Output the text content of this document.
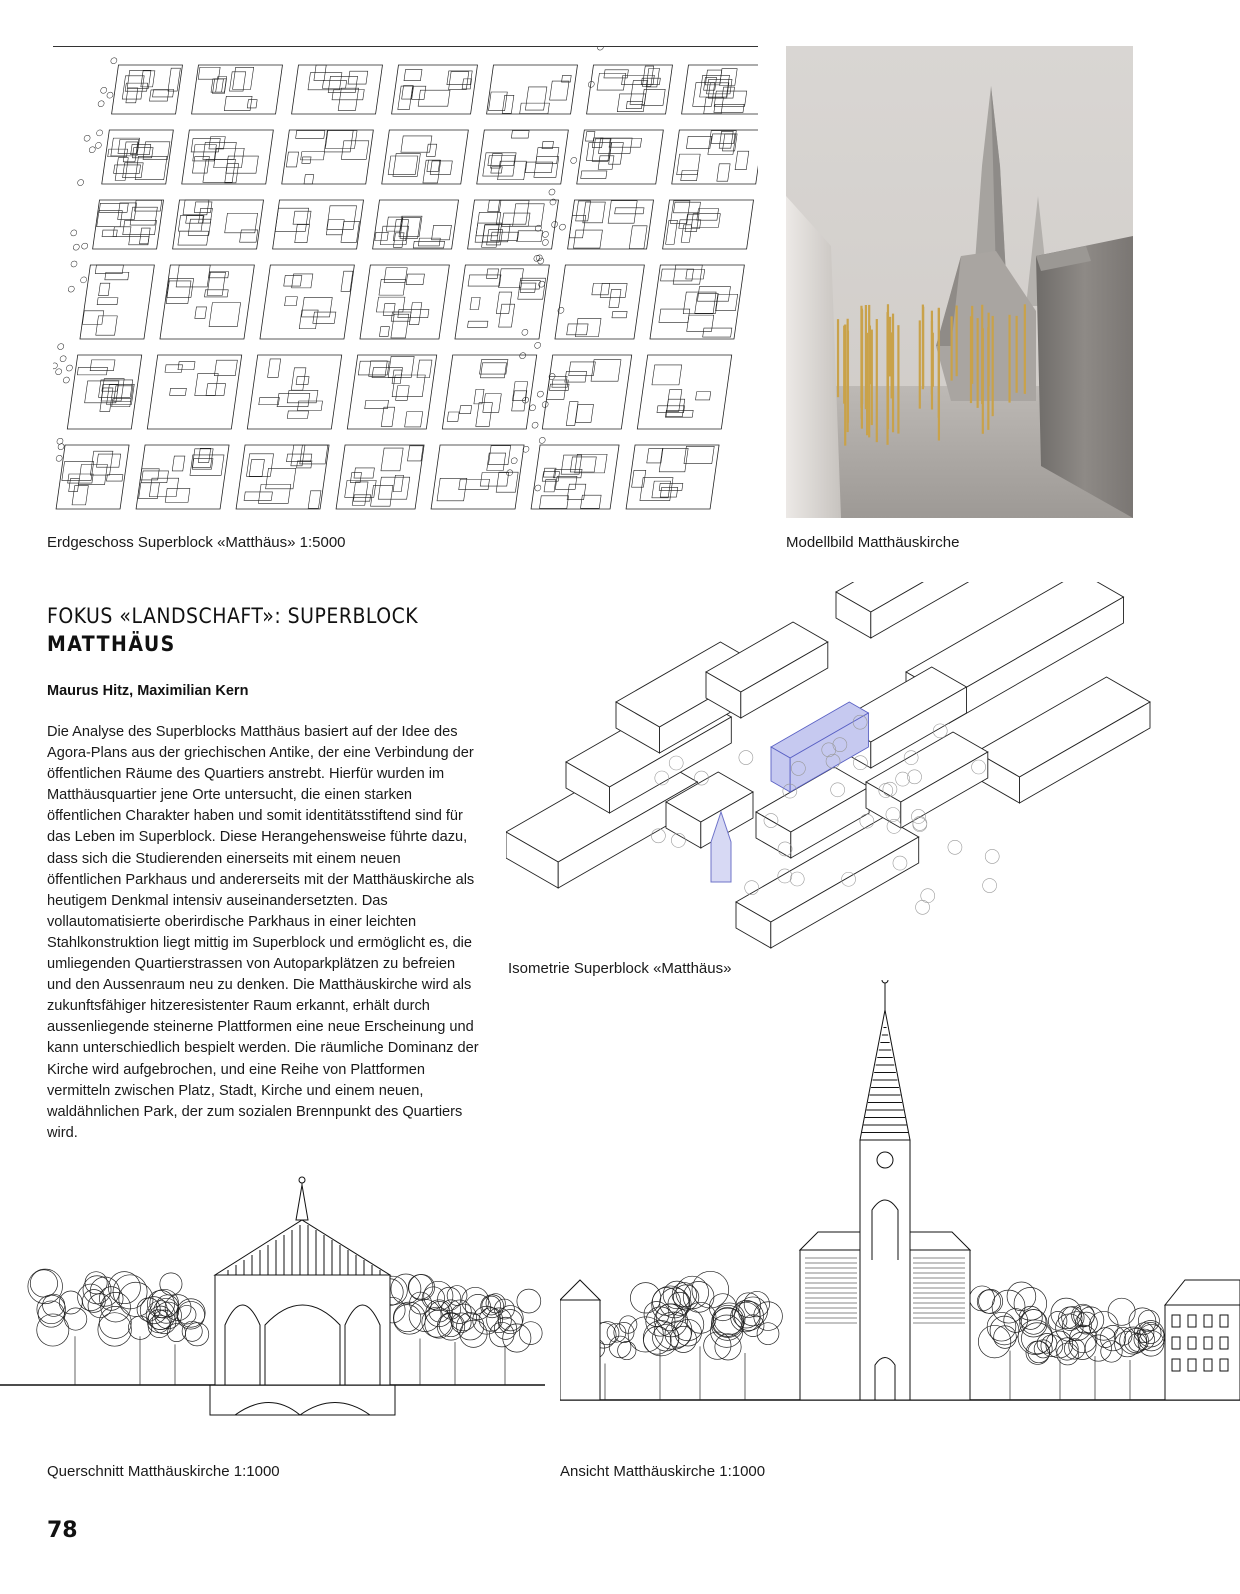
Erdgeschoss Superblock «Matthäus» 1:5000	Modellbild Matthäuskirche
FOKUS «LANDSCHAFT»: SUPERBLOCK
MATTHÄUS
Maurus Hitz, Maximilian Kern
Die Analyse des Superblocks Matthäus basiert auf der Idee des Agora-Plans aus der griechischen Antike, der eine Verbindung der öffentlichen Räume des Quartiers anstrebt. Hierfür wurden im Matthäusquartier jene Orte untersucht, die einen starken öffentlichen Charakter haben und somit identitätsstiftend sind für das Leben im Superblock. Diese Herangehensweise führte dazu, dass sich die Studierenden einerseits mit einem neuen öffentlichen Parkhaus und andererseits mit der Matthäuskirche als heutigem Denkmal intensiv auseinandersetzten. Das vollautomatisierte oberirdische Parkhaus in einer leichten Stahlkonstruktion liegt mittig im Superblock und ermöglicht es, die umliegenden Quartierstrassen von Autoparkplätzen zu befreien und den Aussenraum neu zu denken. Die Matthäuskirche wird als zukunftsfähiger hitzeresistenter Raum erkannt, erhält durch aussenliegende steinerne Plattformen eine neue Erscheinung und kann unterschiedlich bespielt werden. Die räumliche Dominanz der Kirche wird aufgebrochen, und eine Reihe von Plattformen vermitteln zwischen Platz, Stadt, Kirche und einem neuen, waldähnlichen Park, der zum sozialen Brennpunkt des Quartiers wird.
Isometrie Superblock «Matthäus»
Querschnitt Matthäuskirche 1:1000	Ansicht Matthäuskirche 1:1000
78
